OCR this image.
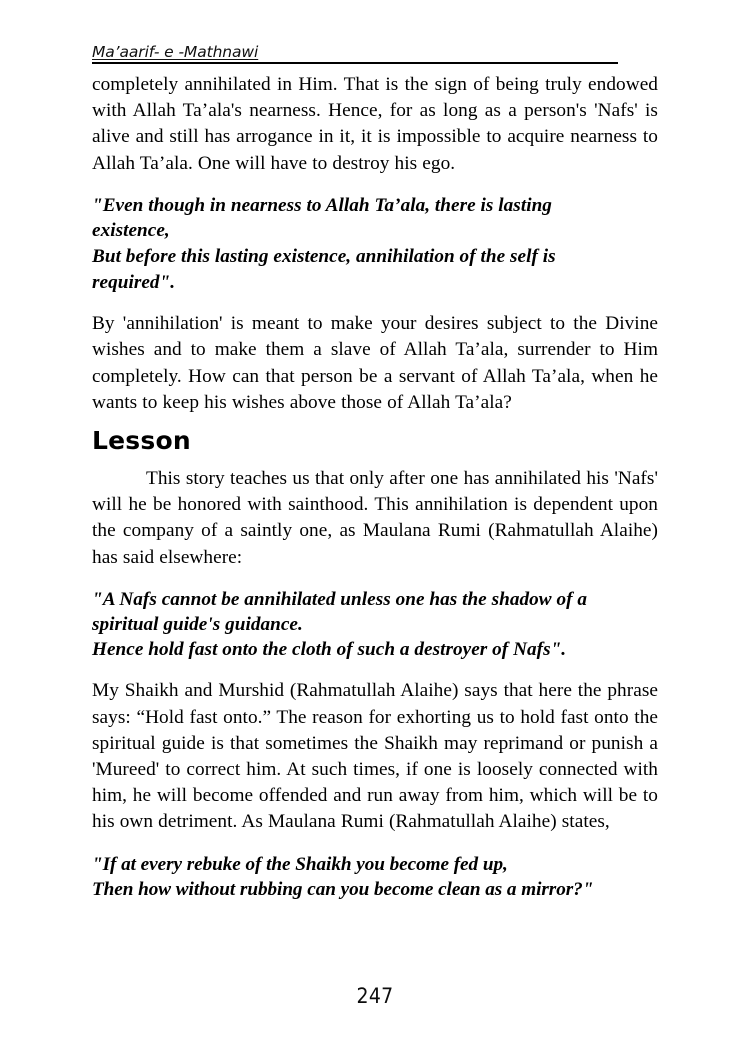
Ma’aarif- e -Mathnawi

completely annihilated in Him. That is the sign of being truly endowed with Allah Ta’ala's nearness. Hence, for as long as a person's 'Nafs' is alive and still has arrogance in it, it is impossible to acquire nearness to Allah Ta’ala. One will have to destroy his ego.

"Even though in nearness to Allah Ta’ala, there is lasting
existence,
But before this lasting existence, annihilation of the self is
required".

By 'annihilation' is meant to make your desires subject to the Divine wishes and to make them a slave of Allah Ta’ala, surrender to Him completely. How can that person be a servant of Allah Ta’ala, when he wants to keep his wishes above those of Allah Ta’ala?

Lesson

This story teaches us that only after one has annihilated his 'Nafs' will he be honored with sainthood. This annihilation is dependent upon the company of a saintly one, as Maulana Rumi (Rahmatullah Alaihe) has said elsewhere:

"A Nafs cannot be annihilated unless one has the shadow of a
spiritual guide's guidance.
Hence hold fast onto the cloth of such a destroyer of Nafs".

My Shaikh and Murshid (Rahmatullah Alaihe) says that here the phrase says: “Hold fast onto.” The reason for exhorting us to hold fast onto the spiritual guide is that sometimes the Shaikh may reprimand or punish a 'Mureed' to correct him. At such times, if one is loosely connected with him, he will become offended and run away from him, which will be to his own detriment. As Maulana Rumi (Rahmatullah Alaihe) states,

"If at every rebuke of the Shaikh you become fed up,
Then how without rubbing can you become clean as a mirror?"
247
